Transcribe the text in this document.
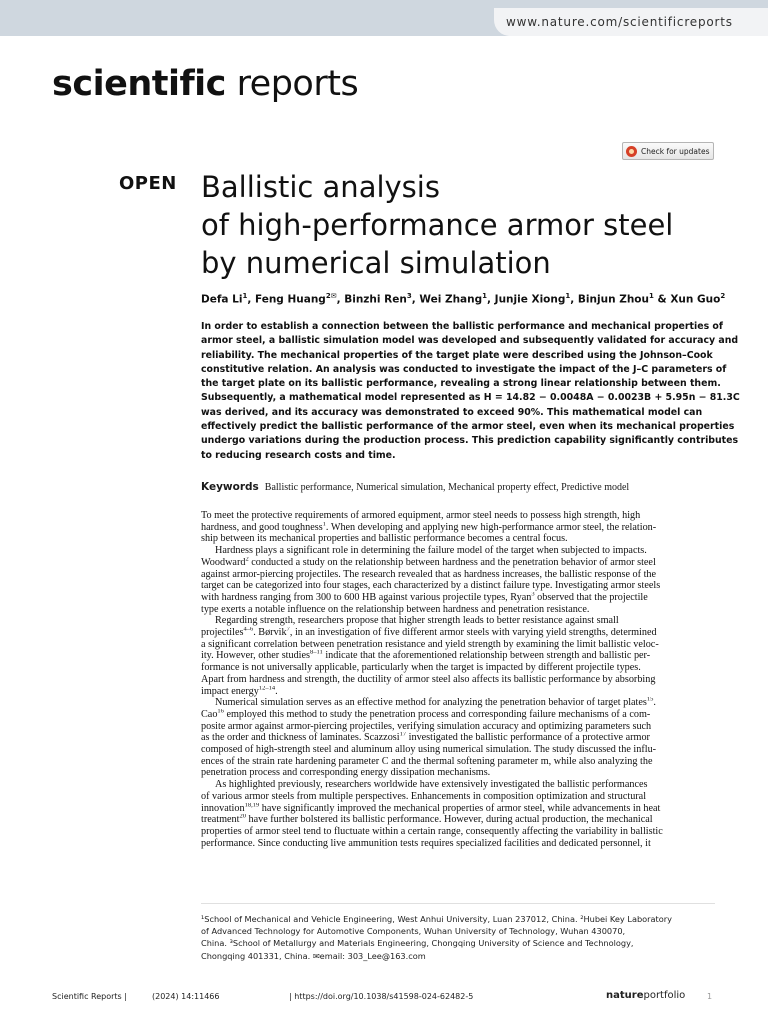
www.nature.com/scientificreports
scientific reports
Check for updates
OPEN Ballistic analysis
of high-performance armor steel
by numerical simulation
Defa Li$^1$, Feng Huang$^{2✉}$, Binzhi Ren$^3$, Wei Zhang$^1$, Junjie Xiong$^1$, Binjun Zhou$^1$ & Xun Guo$^2$
In order to establish a connection between the ballistic performance and mechanical properties of
armor steel, a ballistic simulation model was developed and subsequently validated for accuracy and
reliability. The mechanical properties of the target plate were described using the Johnson–Cook
constitutive relation. An analysis was conducted to investigate the impact of the J–C parameters of
the target plate on its ballistic performance, revealing a strong linear relationship between them.
Subsequently, a mathematical model represented as H = 14.82 − 0.0048A − 0.0023B + 5.95n − 81.3C
was derived, and its accuracy was demonstrated to exceed 90%. This mathematical model can
effectively predict the ballistic performance of the armor steel, even when its mechanical properties
undergo variations during the production process. This prediction capability significantly contributes
to reducing research costs and time.
Keywords Ballistic performance, Numerical simulation, Mechanical property effect, Predictive model
To meet the protective requirements of armored equipment, armor steel needs to possess high strength, high
hardness, and good toughness$^1$. When developing and applying new high-performance armor steel, the relation-
ship between its mechanical properties and ballistic performance becomes a central focus.
Hardness plays a significant role in determining the failure model of the target when subjected to impacts.
Woodward$^2$ conducted a study on the relationship between hardness and the penetration behavior of armor steel
against armor-piercing projectiles. The research revealed that as hardness increases, the ballistic response of the
target can be categorized into four stages, each characterized by a distinct failure type. Investigating armor steels
with hardness ranging from 300 to 600 HB against various projectile types, Ryan$^3$ observed that the projectile
type exerts a notable influence on the relationship between hardness and penetration resistance.
Regarding strength, researchers propose that higher strength leads to better resistance against small
projectiles$^{4-6}$. Børvik$^7$, in an investigation of five different armor steels with varying yield strengths, determined
a significant correlation between penetration resistance and yield strength by examining the limit ballistic veloc-
ity. However, other studies$^{8-11}$ indicate that the aforementioned relationship between strength and ballistic per-
formance is not universally applicable, particularly when the target is impacted by different projectile types.
Apart from hardness and strength, the ductility of armor steel also affects its ballistic performance by absorbing
impact energy$^{12-14}$.
Numerical simulation serves as an effective method for analyzing the penetration behavior of target plates$^{15}$.
Cao$^{16}$ employed this method to study the penetration process and corresponding failure mechanisms of a com-
posite armor against armor-piercing projectiles, verifying simulation accuracy and optimizing parameters such
as the order and thickness of laminates. Scazzosi$^{17}$ investigated the ballistic performance of a protective armor
composed of high-strength steel and aluminum alloy using numerical simulation. The study discussed the influ-
ences of the strain rate hardening parameter C and the thermal softening parameter m, while also analyzing the
penetration process and corresponding energy dissipation mechanisms.
As highlighted previously, researchers worldwide have extensively investigated the ballistic performances
of various armor steels from multiple perspectives. Enhancements in composition optimization and structural
innovation$^{18,19}$ have significantly improved the mechanical properties of armor steel, while advancements in heat
treatment$^{20}$ have further bolstered its ballistic performance. However, during actual production, the mechanical
properties of armor steel tend to fluctuate within a certain range, consequently affecting the variability in ballistic
performance. Since conducting live ammunition tests requires specialized facilities and dedicated personnel, it
¹School of Mechanical and Vehicle Engineering, West Anhui University, Luan 237012, China. ²Hubei Key Laboratory
of Advanced Technology for Automotive Components, Wuhan University of Technology, Wuhan 430070,
China. ³School of Metallurgy and Materials Engineering, Chongqing University of Science and Technology,
Chongqing 401331, China. ✉email: 303_Lee@163.com
Scientific Reports |	(2024) 14:11466	| https://doi.org/10.1038/s41598-024-62482-5	natureportfolio	1
